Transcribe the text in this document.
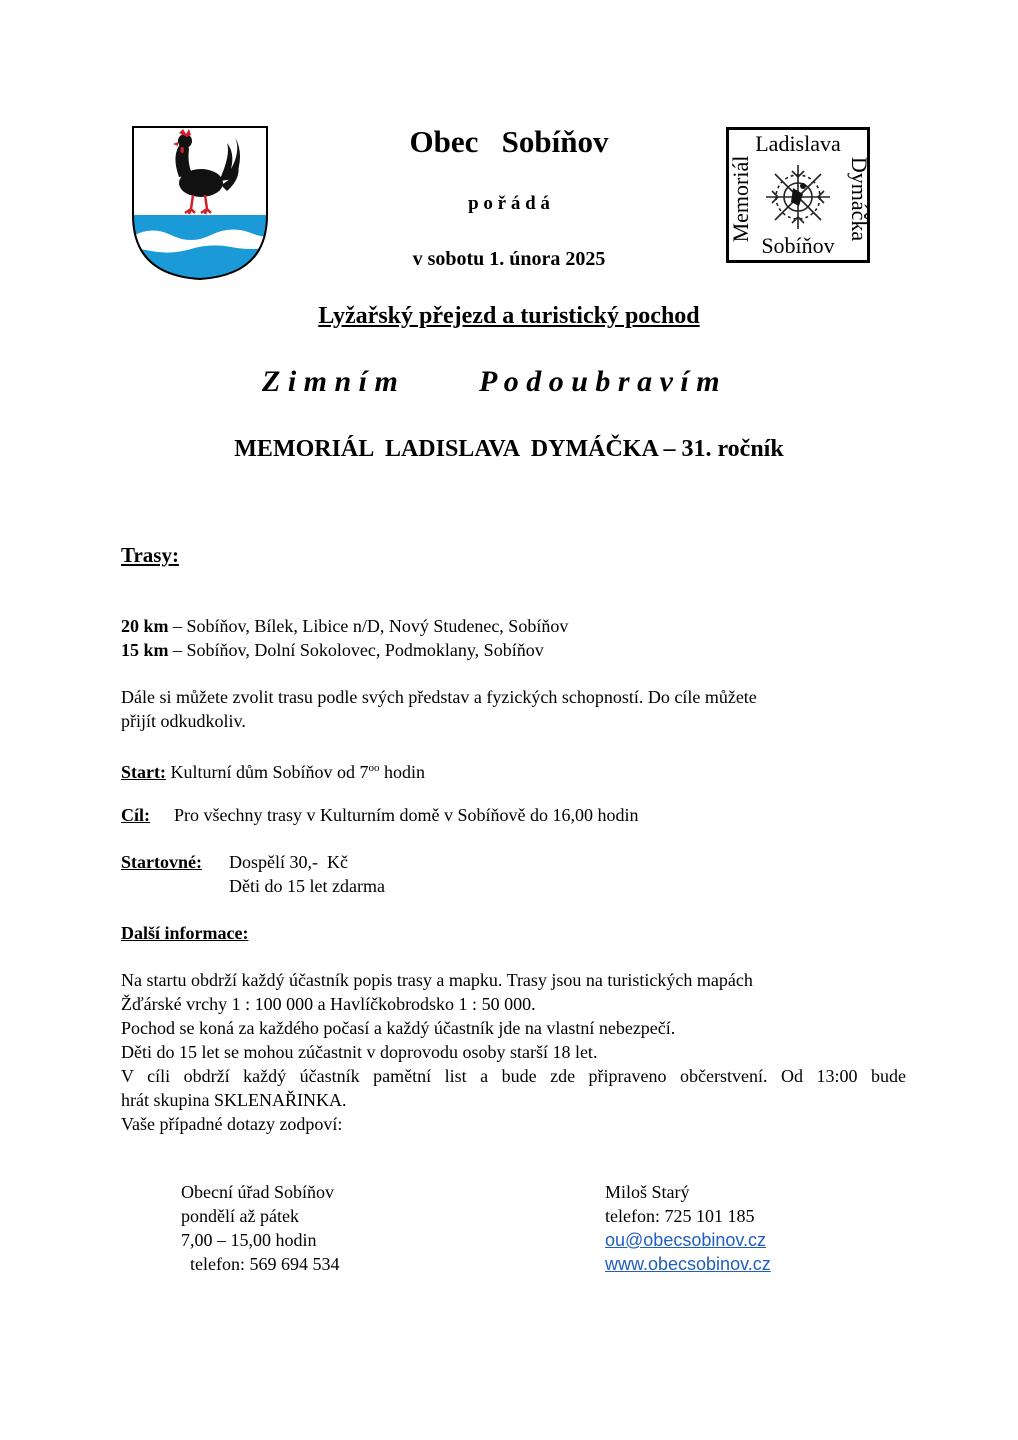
Ladislava
Sobíňov
Memoriál	Dymáčka
Obec   Sobíňov
p o ř á d á
v sobotu 1. února 2025
Lyžařský přejezd a turistický pochod
Z i m n í m	P o d o u b r a v í m
MEMORIÁL  LADISLAVA  DYMÁČKA – 31. ročník
Trasy:
20 km – Sobíňov, Bílek, Libice n/D, Nový Studenec, Sobíňov
15 km – Sobíňov, Dolní Sokolovec, Podmoklany, Sobíňov
Dále si můžete zvolit trasu podle svých představ a fyzických schopností. Do cíle můžete
přijít odkudkoliv.
Start: Kulturní dům Sobíňov od $7^{oo}$ hodin
Cíl: Pro všechny trasy v Kulturním domě v Sobíňově do 16,00 hodin
Startovné: Dospělí 30,-  Kč
Děti do 15 let zdarma
Další informace:
Na startu obdrží každý účastník popis trasy a mapku. Trasy jsou na turistických mapách
Žďárské vrchy 1 : 100 000 a Havlíčkobrodsko 1 : 50 000.
Pochod se koná za každého počasí a každý účastník jde na vlastní nebezpečí.
Děti do 15 let se mohou zúčastnit v doprovodu osoby starší 18 let.
V cíli obdrží každý účastník pamětní list a bude zde připraveno občerstvení. Od 13:00 bude
hrát skupina SKLENAŘINKA.
Vaše případné dotazy zodpoví:
Obecní úřad Sobíňov
pondělí až pátek
7,00 – 15,00 hodin
telefon: 569 694 534
Miloš Starý
telefon: 725 101 185
ou@obecsobinov.cz
www.obecsobinov.cz
